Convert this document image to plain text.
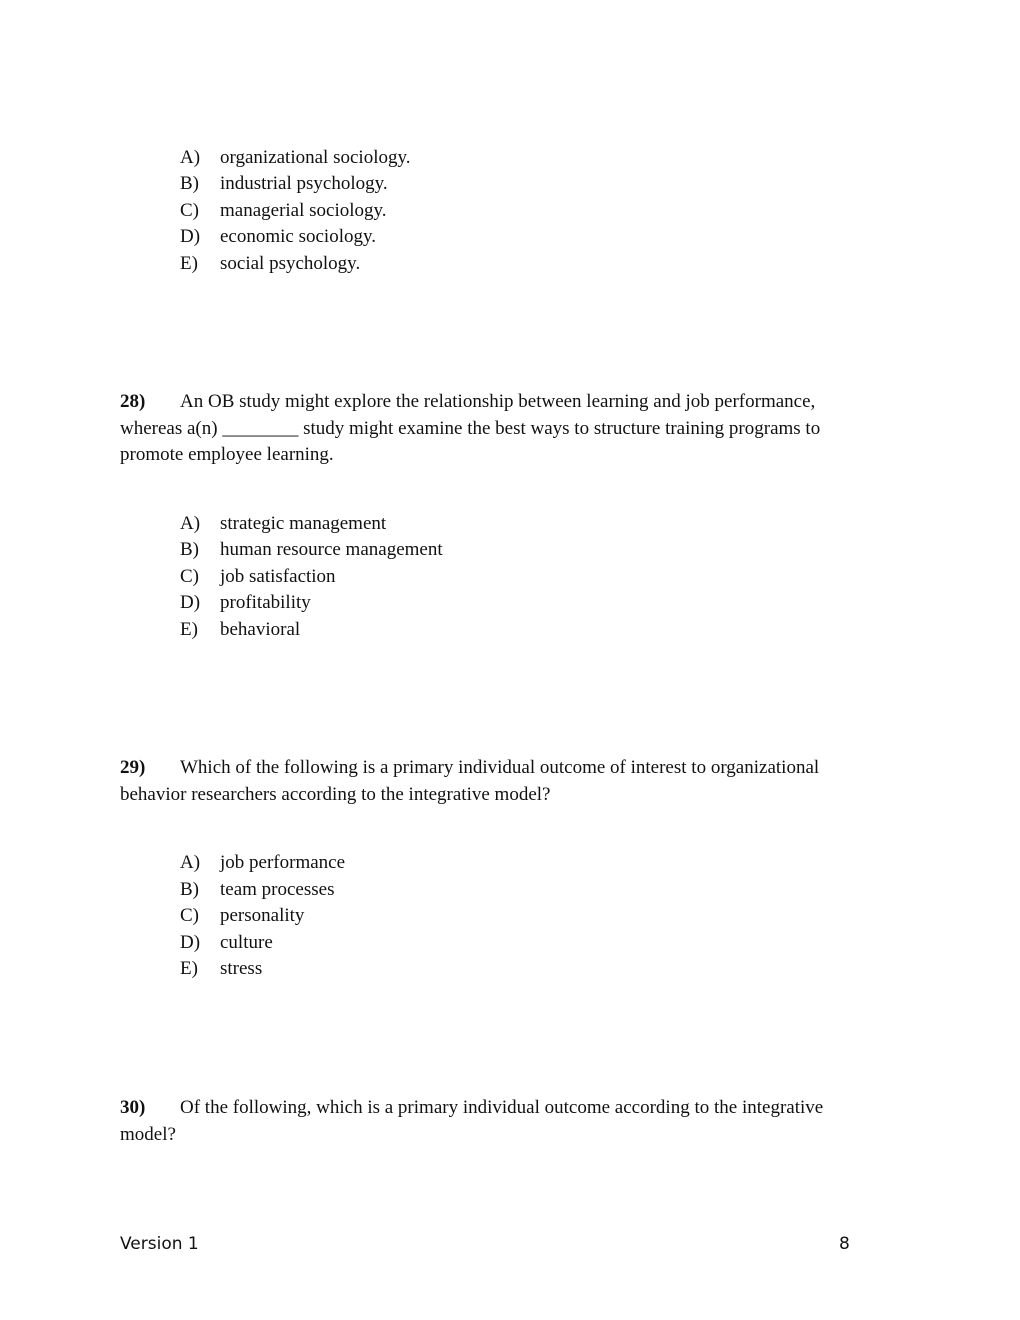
A) organizational sociology.
B) industrial psychology.
C) managerial sociology.
D) economic sociology.
E) social psychology.
28) An OB study might explore the relationship between learning and job performance,
whereas a(n) ________ study might examine the best ways to structure training programs to
promote employee learning.
A) strategic management
B) human resource management
C) job satisfaction
D) profitability
E) behavioral
29) Which of the following is a primary individual outcome of interest to organizational
behavior researchers according to the integrative model?
A) job performance
B) team processes
C) personality
D) culture
E) stress
30) Of the following, which is a primary individual outcome according to the integrative
model?
Version 1	8
